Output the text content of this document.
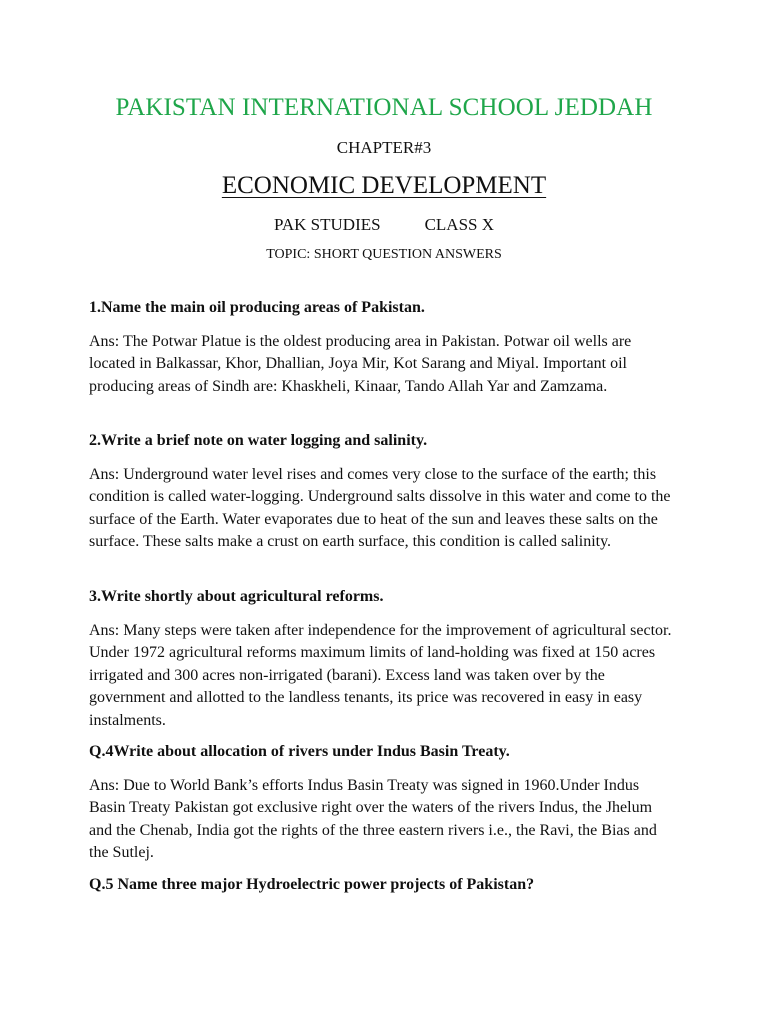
PAKISTAN INTERNATIONAL SCHOOL JEDDAH
CHAPTER#3
ECONOMIC DEVELOPMENT
PAK STUDIES	CLASS X
TOPIC: SHORT QUESTION ANSWERS
1.Name the main oil producing areas of Pakistan.
Ans: The Potwar Platue is the oldest producing area in Pakistan. Potwar oil wells are located in Balkassar, Khor, Dhallian, Joya Mir, Kot Sarang and Miyal. Important oil producing areas of Sindh are: Khaskheli, Kinaar, Tando Allah Yar and Zamzama.
2.Write a brief note on water logging and salinity.
Ans: Underground water level rises and comes very close to the surface of the earth; this condition is called water-logging. Underground salts dissolve in this water and come to the surface of the Earth. Water evaporates due to heat of the sun and leaves these salts on the surface. These salts make a crust on earth surface, this condition is called salinity.
3.Write shortly about agricultural reforms.
Ans: Many steps were taken after independence for the improvement of agricultural sector. Under 1972 agricultural reforms maximum limits of land-holding was fixed at 150 acres irrigated and 300 acres non-irrigated (barani). Excess land was taken over by the government and allotted to the landless tenants, its price was recovered in easy in easy instalments.
Q.4Write about allocation of rivers under Indus Basin Treaty.
Ans: Due to World Bank’s efforts Indus Basin Treaty was signed in 1960.Under Indus Basin Treaty Pakistan got exclusive right over the waters of the rivers Indus, the Jhelum and the Chenab, India got the rights of the three eastern rivers i.e., the Ravi, the Bias and the Sutlej.
Q.5 Name three major Hydroelectric power projects of Pakistan?
